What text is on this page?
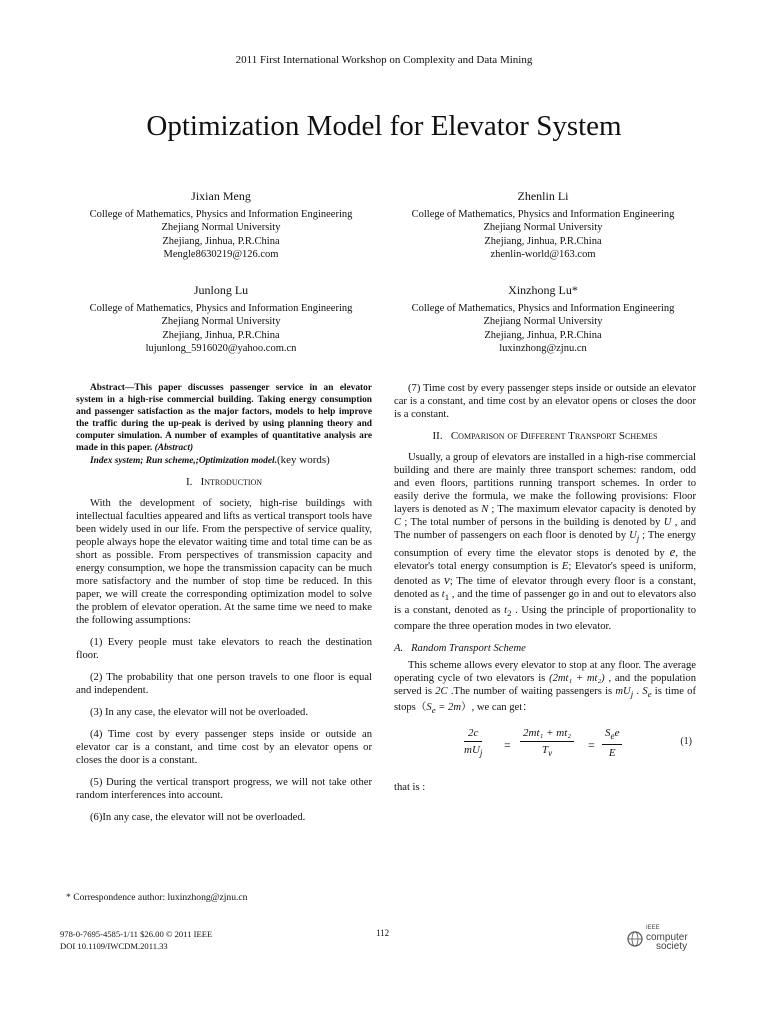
2011 First International Workshop on Complexity and Data Mining
Optimization Model for Elevator System
Jixian Meng
College of Mathematics, Physics and Information Engineering
Zhejiang Normal University
Zhejiang, Jinhua, P.R.China
Mengle8630219@126.com
Zhenlin Li
College of Mathematics, Physics and Information Engineering
Zhejiang Normal University
Zhejiang, Jinhua, P.R.China
zhenlin-world@163.com
Junlong Lu
College of Mathematics, Physics and Information Engineering
Zhejiang Normal University
Zhejiang, Jinhua, P.R.China
lujunlong_5916020@yahoo.com.cn
Xinzhong Lu*
College of Mathematics, Physics and Information Engineering
Zhejiang Normal University
Zhejiang, Jinhua, P.R.China
luxinzhong@zjnu.cn

Abstract—This paper discusses passenger service in an elevator system in a high-rise commercial building. Taking energy consumption and passenger satisfaction as the major factors, models to help improve the traffic during the up-peak is derived by using planning theory and computer simulation. A number of examples of quantitative analysis are made in this paper. (Abstract)

Index system; Run scheme,;Optimization model.(key words)
I. Introduction

With the development of society, high-rise buildings with intellectual faculties appeared and lifts as vertical transport tools have been widely used in our life. From the perspective of service quality, people always hope the elevator waiting time and total time can be as short as possible. From perspectives of transmission capacity and energy consumption, we hope the transmission capacity can be much more satisfactory and the number of stop time be reduced. In this paper, we will create the corresponding optimization model to solve the problem of elevator operation. At the same time we need to make the following assumptions:

(1) Every people must take elevators to reach the destination floor.

(2) The probability that one person travels to one floor is equal and independent.

(3) In any case, the elevator will not be overloaded.

(4) Time cost by every passenger steps inside or outside an elevator car is a constant, and time cost by an elevator opens or closes the door is a constant.

(5) During the vertical transport progress, we will not take other random interferences into account.

(6)In any case, the elevator will not be overloaded.

(7) Time cost by every passenger steps inside or outside an elevator car is a constant, and time cost by an elevator opens or closes the door is a constant.

II. Comparison of Different Transport Schemes

Usually, a group of elevators are installed in a high-rise commercial building and there are mainly three transport schemes: random, odd and even floors, partitions running transport schemes. In order to easily derive the formula, we make the following provisions: Floor layers is denoted as N ; The maximum elevator capacity is denoted by C ; The total number of persons in the building is denoted by U , and The number of passengers on each floor is denoted by $U_j$ ; The energy consumption of every time the elevator stops is denoted by e, the elevator's total energy consumption is E; Elevator's speed is uniform, denoted as v; The time of elevator through every floor is a constant, denoted as $t_1$ , and the time of passenger go in and out to elevators also is a constant, denoted as $t_2$ . Using the principle of proportionality to compare the three operation modes in two elevator.

A. Random Transport Scheme

This scheme allows every elevator to stop at any floor. The average operating cycle of two elevators is (2mt₁ + mt₂) , and the population served is 2C .The number of waiting passengers is $mU_j$ . $S_e$ is time of $stops(S_e = 2m)$, we can get：

2c
$mU_j$
= $\frac{\text{2mt₁ + mt₂}}{T_v}$ =
$S_ee$
E
(1)
that is :
* Correspondence author: luxinzhong@zjnu.cn
978-0-7695-4585-1/11 $26.00 © 2011 IEEE
DOI 10.1109/IWCDM.2011.33
112	IEEE
computer
society
